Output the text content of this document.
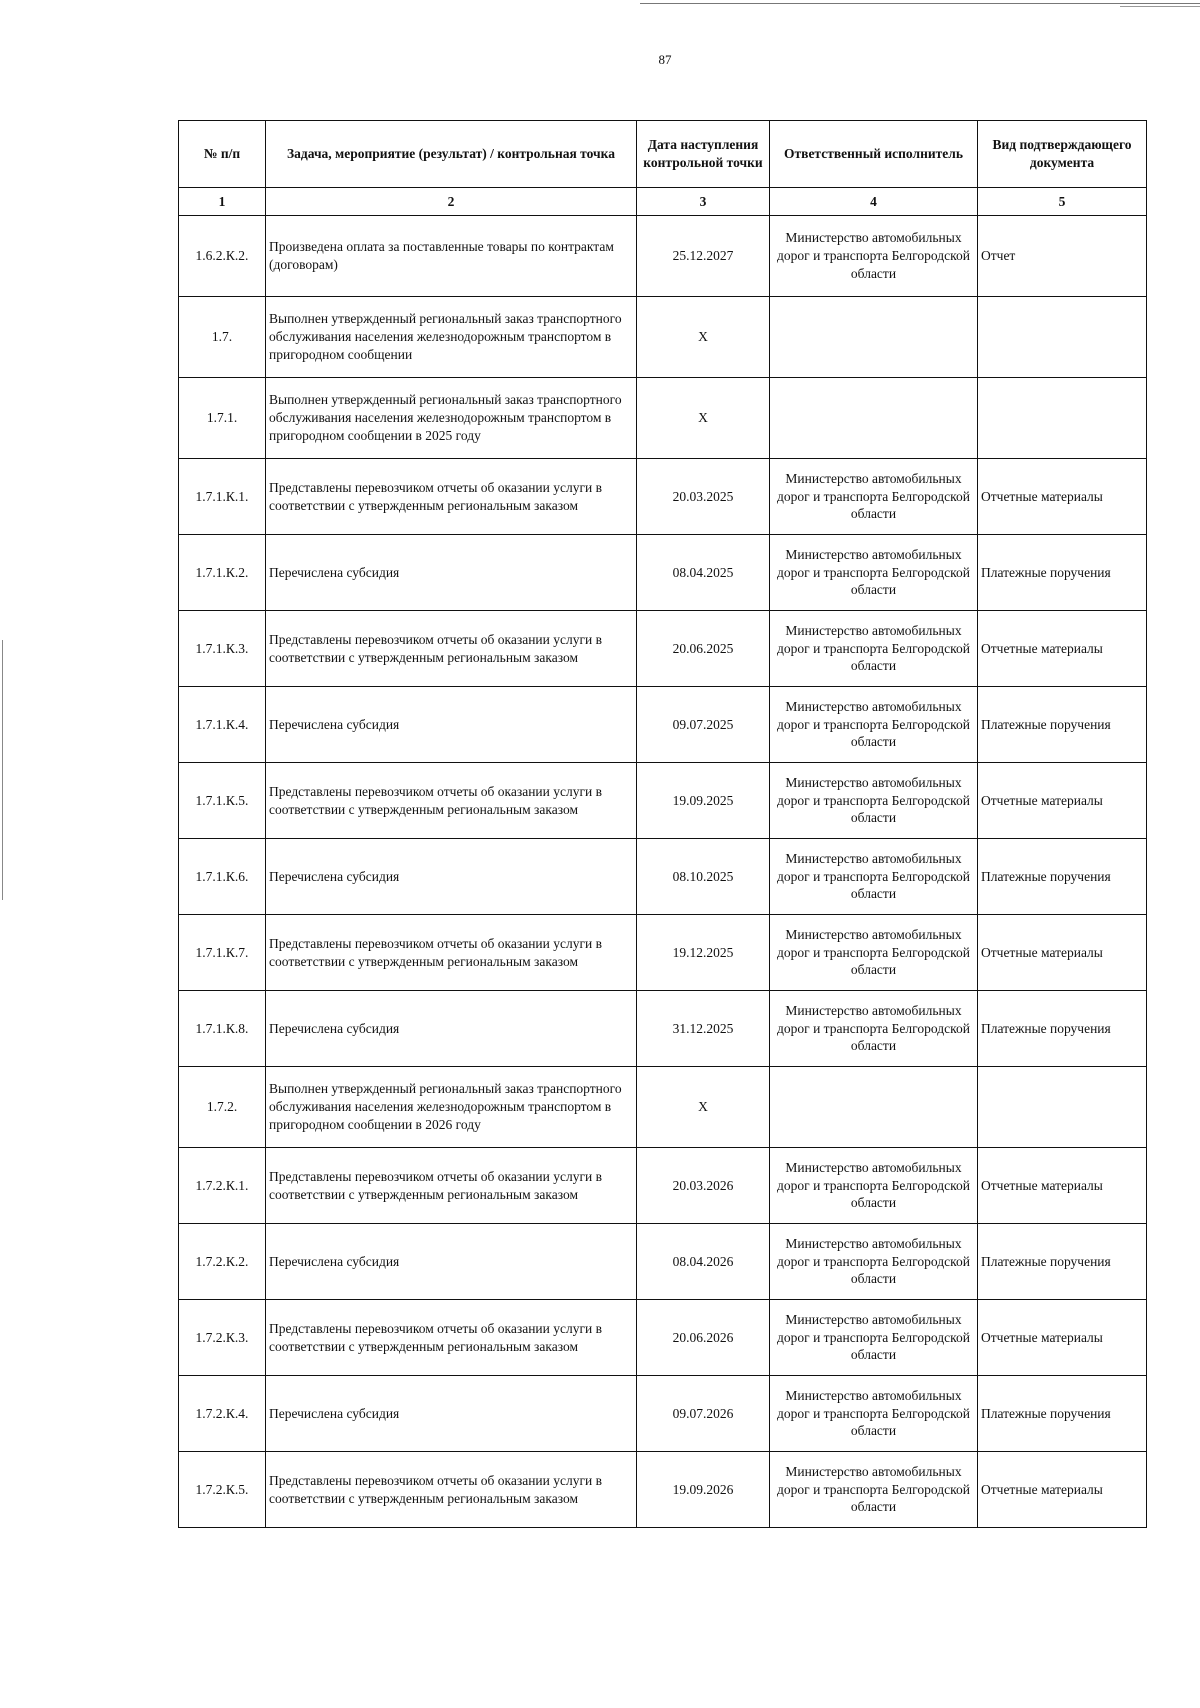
87
№ п/п	Задача, мероприятие (результат) / контрольная точка	Дата наступления контрольной точки	Ответственный исполнитель	Вид подтверждающего документа
1	2	3	4	5
1.6.2.К.2.	Произведена оплата за поставленные товары по контрактам (договорам)	25.12.2027	Министерство автомобильных дорог и транспорта Белгородской области	Отчет
1.7.	Выполнен утвержденный региональный заказ транспортного обслуживания населения железнодорожным транспортом в пригородном сообщении	X		
1.7.1.	Выполнен утвержденный региональный заказ транспортного обслуживания населения железнодорожным транспортом в пригородном сообщении в 2025 году	X		
1.7.1.К.1.	Представлены перевозчиком отчеты об оказании услуги в соответствии с утвержденным региональным заказом	20.03.2025	Министерство автомобильных дорог и транспорта Белгородской области	Отчетные материалы
1.7.1.К.2.	Перечислена субсидия	08.04.2025	Министерство автомобильных дорог и транспорта Белгородской области	Платежные поручения
1.7.1.К.3.	Представлены перевозчиком отчеты об оказании услуги в соответствии с утвержденным региональным заказом	20.06.2025	Министерство автомобильных дорог и транспорта Белгородской области	Отчетные материалы
1.7.1.К.4.	Перечислена субсидия	09.07.2025	Министерство автомобильных дорог и транспорта Белгородской области	Платежные поручения
1.7.1.К.5.	Представлены перевозчиком отчеты об оказании услуги в соответствии с утвержденным региональным заказом	19.09.2025	Министерство автомобильных дорог и транспорта Белгородской области	Отчетные материалы
1.7.1.К.6.	Перечислена субсидия	08.10.2025	Министерство автомобильных дорог и транспорта Белгородской области	Платежные поручения
1.7.1.К.7.	Представлены перевозчиком отчеты об оказании услуги в соответствии с утвержденным региональным заказом	19.12.2025	Министерство автомобильных дорог и транспорта Белгородской области	Отчетные материалы
1.7.1.К.8.	Перечислена субсидия	31.12.2025	Министерство автомобильных дорог и транспорта Белгородской области	Платежные поручения
1.7.2.	Выполнен утвержденный региональный заказ транспортного обслуживания населения железнодорожным транспортом в пригородном сообщении в 2026 году	X		
1.7.2.К.1.	Представлены перевозчиком отчеты об оказании услуги в соответствии с утвержденным региональным заказом	20.03.2026	Министерство автомобильных дорог и транспорта Белгородской области	Отчетные материалы
1.7.2.К.2.	Перечислена субсидия	08.04.2026	Министерство автомобильных дорог и транспорта Белгородской области	Платежные поручения
1.7.2.К.3.	Представлены перевозчиком отчеты об оказании услуги в соответствии с утвержденным региональным заказом	20.06.2026	Министерство автомобильных дорог и транспорта Белгородской области	Отчетные материалы
1.7.2.К.4.	Перечислена субсидия	09.07.2026	Министерство автомобильных дорог и транспорта Белгородской области	Платежные поручения
1.7.2.К.5.	Представлены перевозчиком отчеты об оказании услуги в соответствии с утвержденным региональным заказом	19.09.2026	Министерство автомобильных дорог и транспорта Белгородской области	Отчетные материалы
